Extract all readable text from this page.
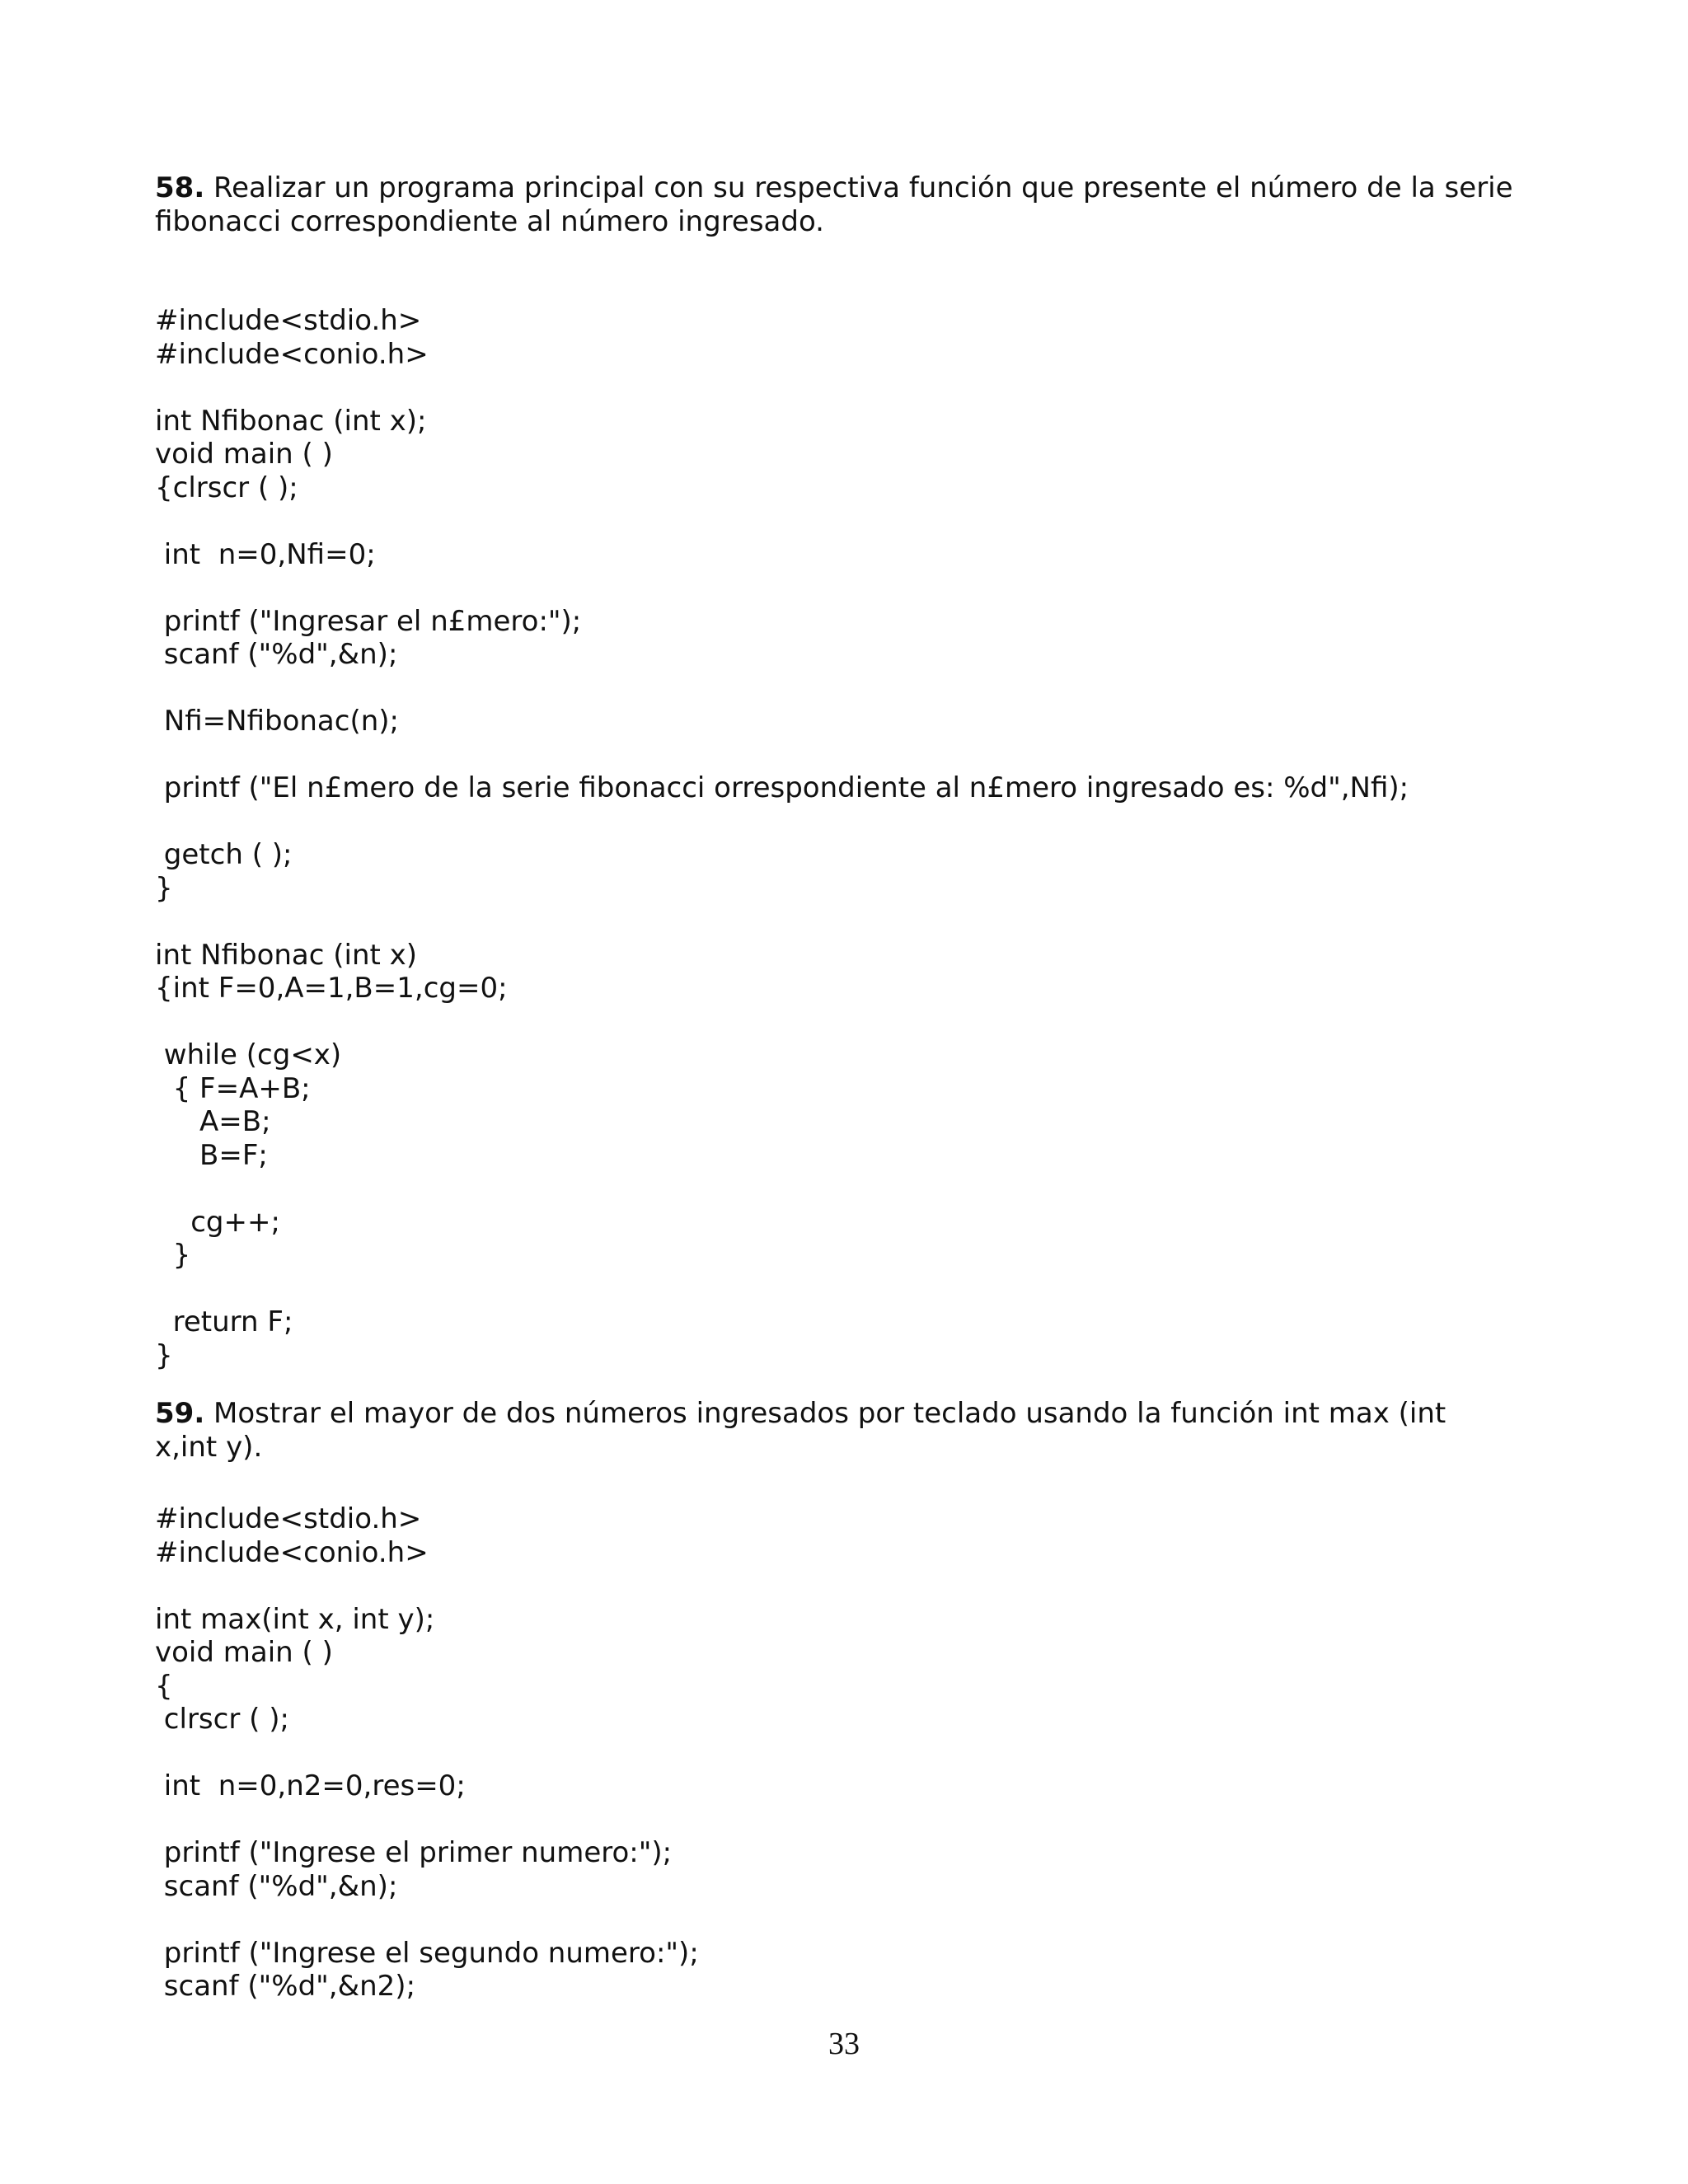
58. Realizar un programa principal con su respectiva función que presente el número de la serie fibonacci correspondiente al número ingresado.

#include<stdio.h>
#include<conio.h>
int Nfibonac (int x);
void main ( )
{clrscr ( );
int  n=0,Nfi=0;
printf ("Ingresar el n£mero:");
scanf ("%d",&n);
Nfi=Nfibonac(n);
printf ("El n£mero de la serie fibonacci orrespondiente al n£mero ingresado es: %d",Nfi);
getch ( );
}
int Nfibonac (int x)
{int F=0,A=1,B=1,cg=0;
while (cg<x)
{ F=A+B;
A=B;
B=F;
cg++;
}
return F;
}

59. Mostrar el mayor de dos números ingresados por teclado usando la función int max (int x,int y).

#include<stdio.h>
#include<conio.h>
int max(int x, int y);
void main ( )
{
clrscr ( );
int  n=0,n2=0,res=0;
printf ("Ingrese el primer numero:");
scanf ("%d",&n);
printf ("Ingrese el segundo numero:");
scanf ("%d",&n2);
33
